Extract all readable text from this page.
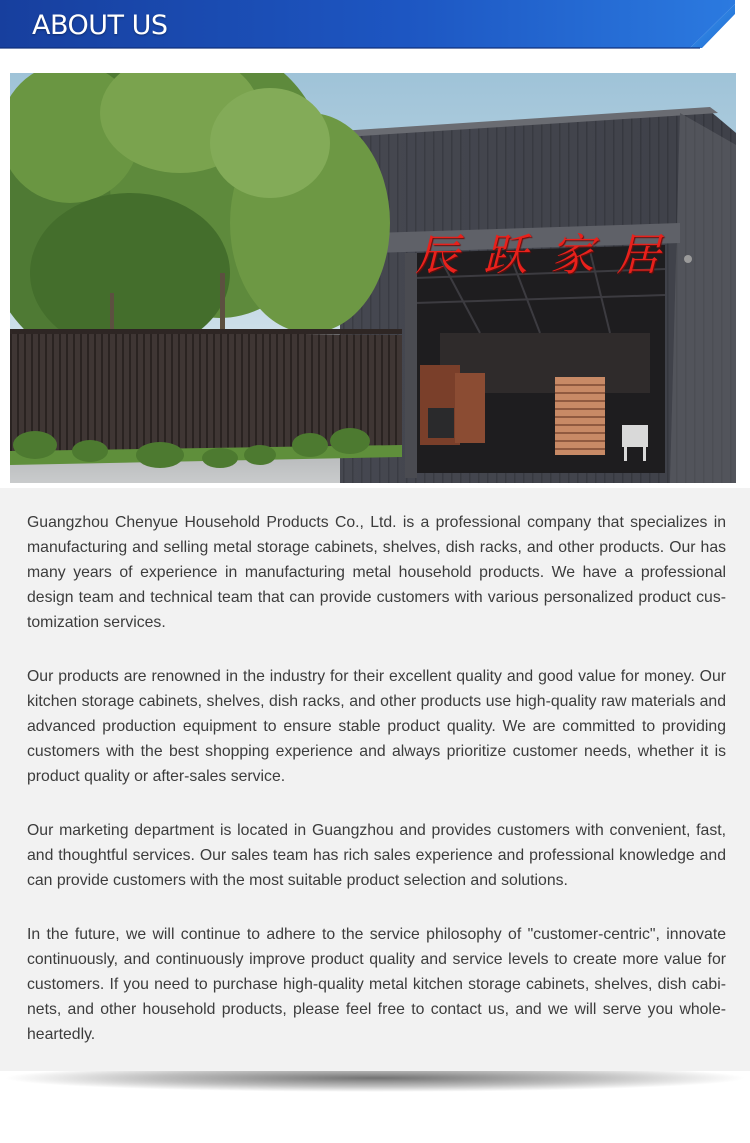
ABOUT US
辰 跃 家 居

Guangzhou Chenyue Household Products Co., Ltd. is a professional company that specializes in manufacturing and selling metal storage cabinets, shelves, dish racks, and other products. Our has many years of experience in manufacturing metal household products. We have a professional design team and technical team that can provide customers with various personalized product customization services.

Our products are renowned in the industry for their excellent quality and good value for money. Our kitchen storage cabinets, shelves, dish racks, and other products use high-quality raw materials and advanced production equipment to ensure stable product quality. We are committed to providing customers with the best shopping experience and always prioritize customer needs, whether it is product quality or after-sales service.

Our marketing department is located in Guangzhou and provides customers with convenient, fast, and thoughtful services. Our sales team has rich sales experience and professional knowledge and can provide customers with the most suitable product selection and solutions.

In the future, we will continue to adhere to the service philosophy of "customer-centric", innovate continuously, and continuously improve product quality and service levels to create more value for customers. If you need to purchase high-quality metal kitchen storage cabinets, shelves, dish cabinets, and other household products, please feel free to contact us, and we will serve you wholeheartedly.
